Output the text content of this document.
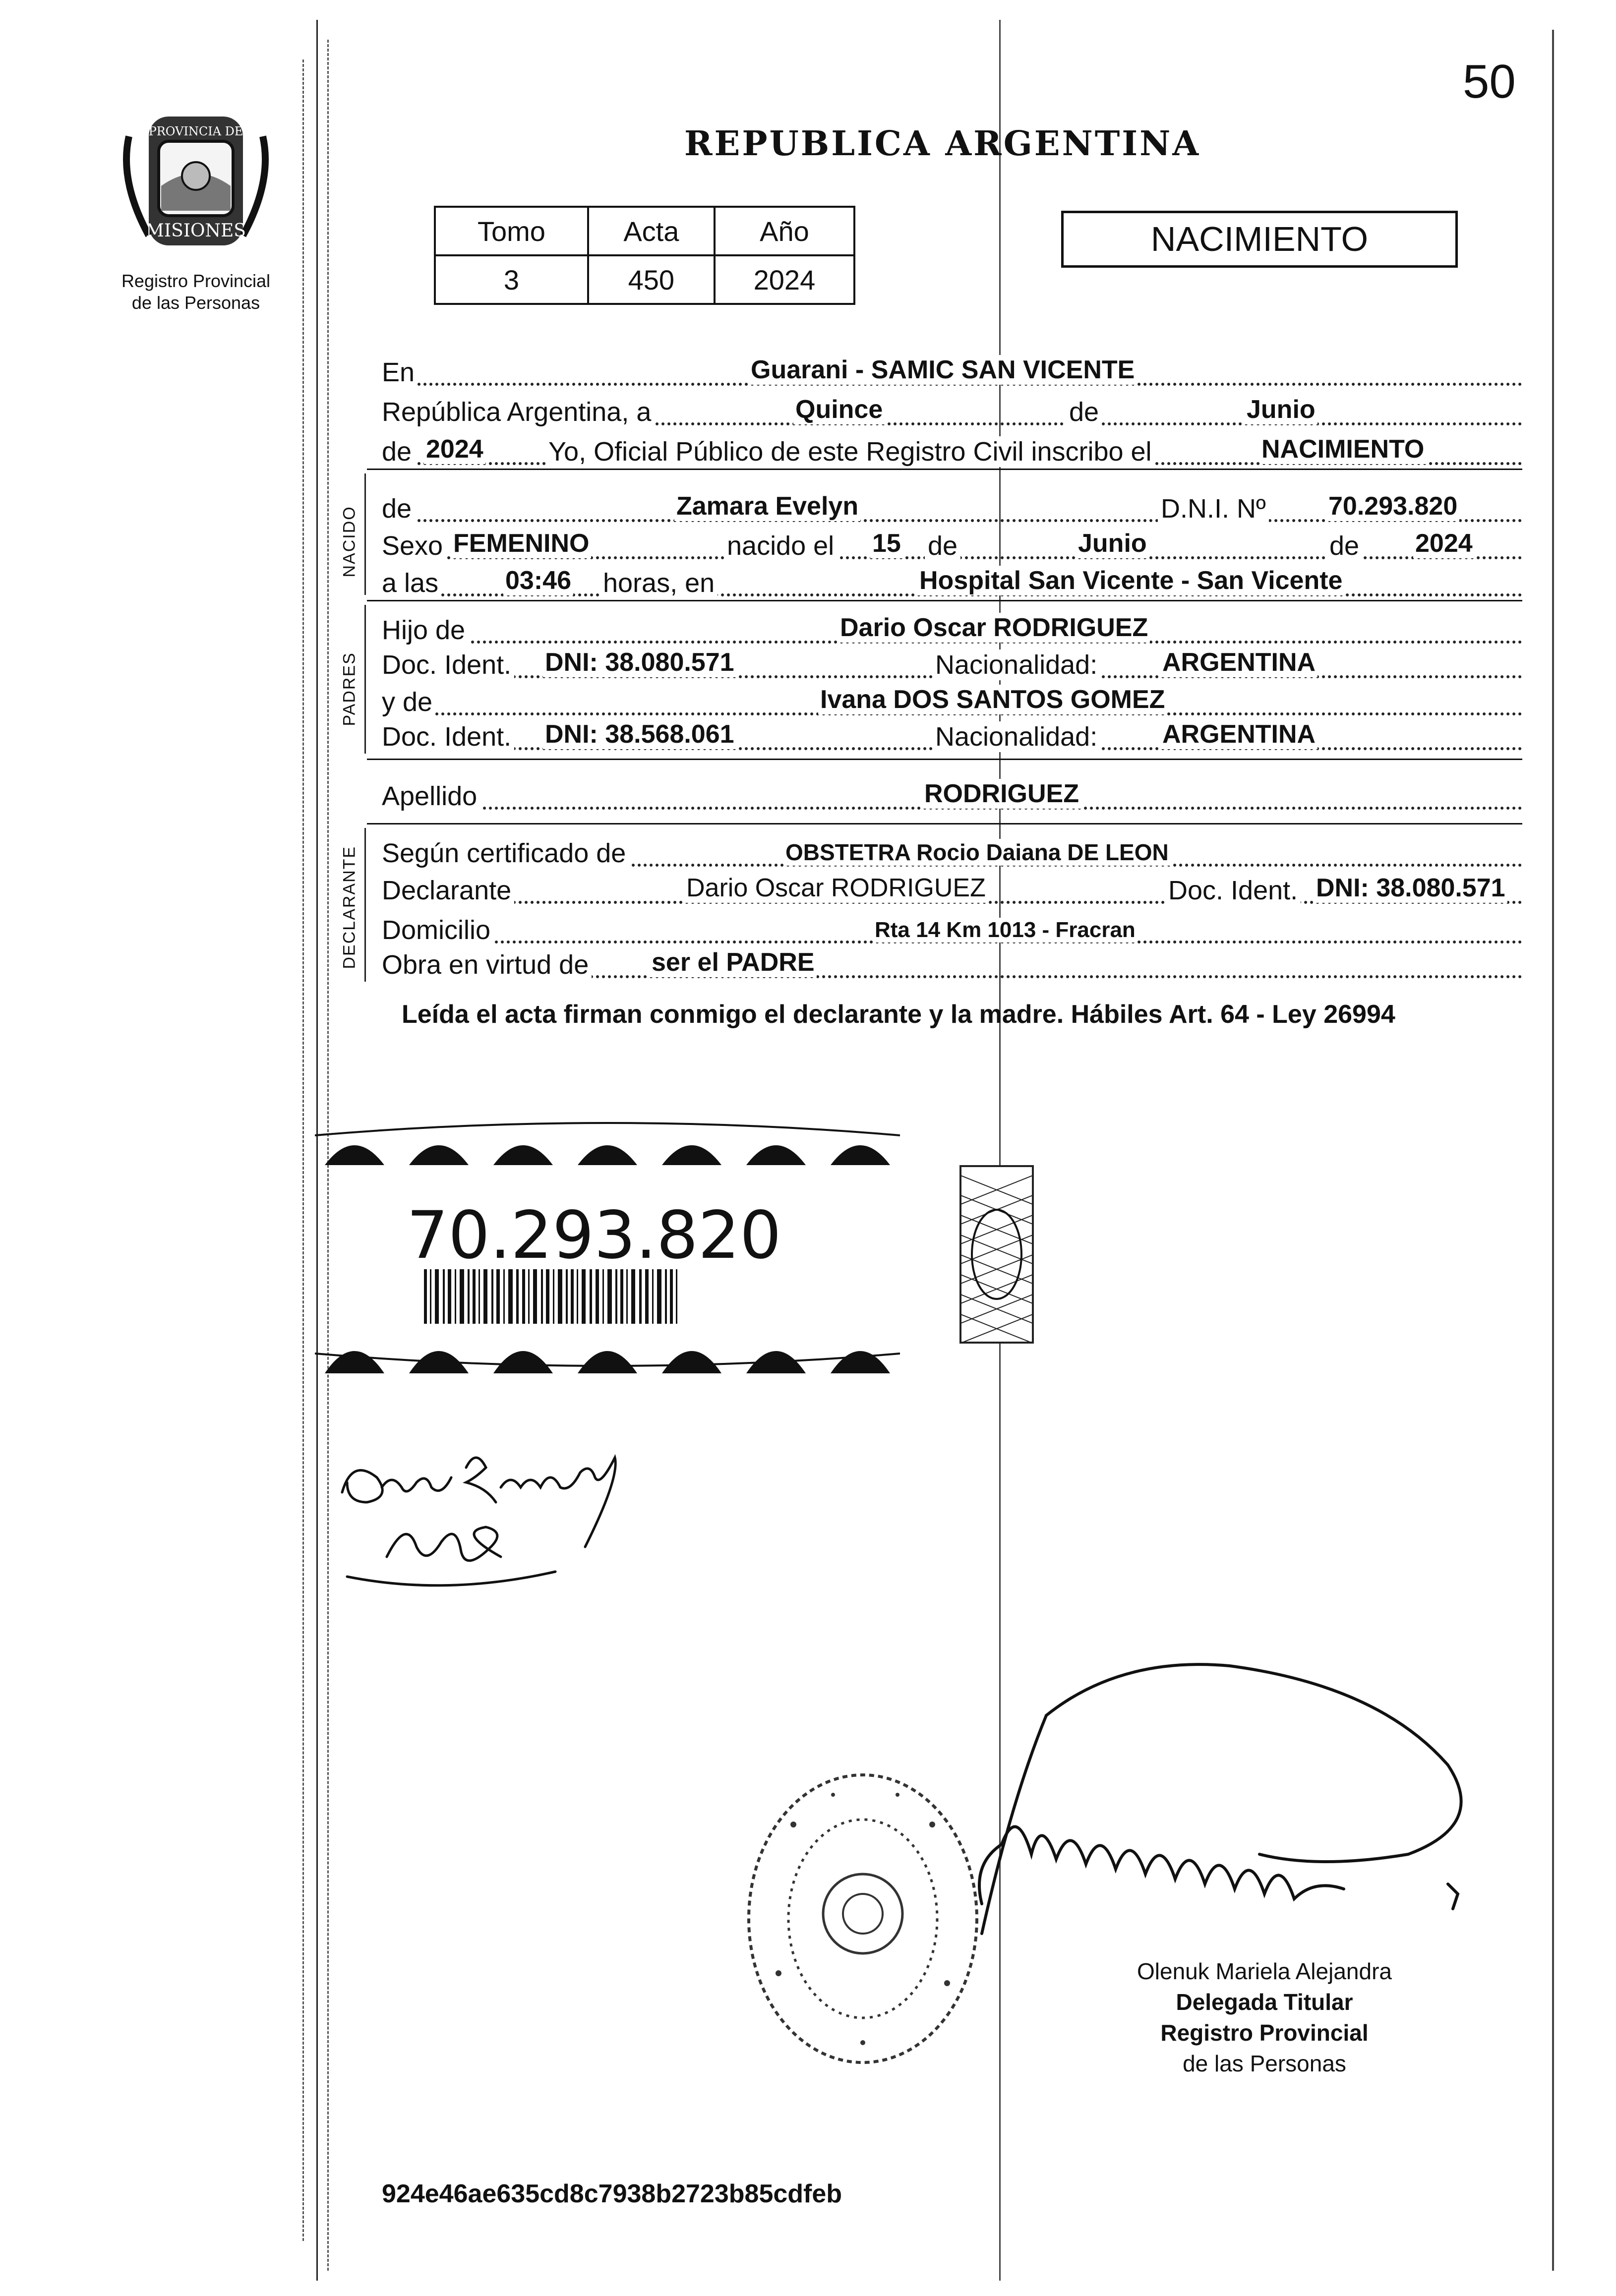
50
PROVINCIA DE
MISIONES
Registro Provincial
de las Personas
REPUBLICA ARGENTINA
Tomo	Acta	Año
3	450	2024
NACIMIENTO
NACIDO
PADRES
DECLARANTE
En	Guarani - SAMIC SAN VICENTE
República Argentina, a	Quince	de	Junio
de 2024 Yo, Oficial Público de este Registro Civil inscribo el	NACIMIENTO
de	Zamara Evelyn	D.N.I. Nº 70.293.820
Sexo FEMENINO	nacido el 15 de	Junio	de 2024
a las	03:46 horas, en	Hospital San Vicente - San Vicente
Hijo de	Dario Oscar RODRIGUEZ
Doc. Ident. DNI: 38.080.571	Nacionalidad:	ARGENTINA
y de	Ivana DOS SANTOS GOMEZ
Doc. Ident. DNI: 38.568.061	Nacionalidad:	ARGENTINA
Apellido	RODRIGUEZ
Según certificado de	OBSTETRA Rocio Daiana DE LEON
Declarante	Dario Oscar RODRIGUEZ	Doc. Ident. DNI: 38.080.571
Domicilio	Rta 14 Km 1013 - Fracran
Obra en virtud de ser el PADRE
Leída el acta firman conmigo el declarante y la madre. Hábiles Art. 64 - Ley 26994
70.293.820
Olenuk Mariela Alejandra
Delegada Titular
Registro Provincial
de las Personas
924e46ae635cd8c7938b2723b85cdfeb
